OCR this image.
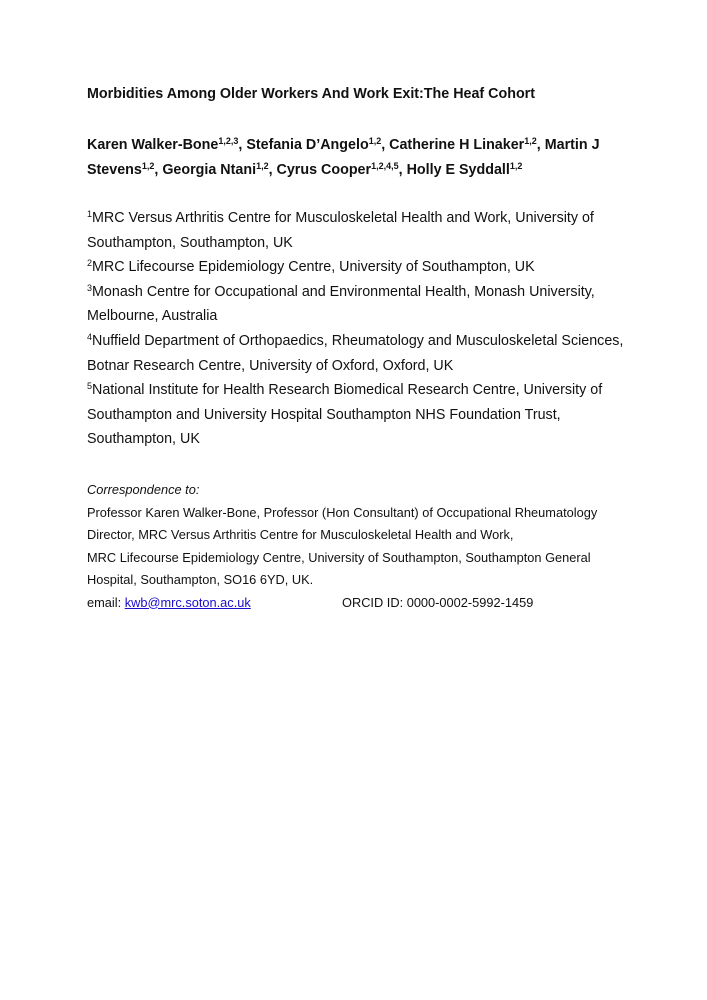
Morbidities Among Older Workers And Work Exit:The Heaf Cohort
Karen Walker-Bone$^{1,2,3}$, Stefania D’Angelo$^{1,2}$, Catherine H Linaker$^{1,2}$, Martin J Stevens$^{1,2}$, Georgia Ntani$^{1,2}$, Cyrus Cooper$^{1,2,4,5}$, Holly E Syddall$^{1,2}$
$^1$MRC Versus Arthritis Centre for Musculoskeletal Health and Work, University of Southampton, Southampton, UK
$^2$MRC Lifecourse Epidemiology Centre, University of Southampton, UK
$^3$Monash Centre for Occupational and Environmental Health, Monash University, Melbourne, Australia
$^4$Nuffield Department of Orthopaedics, Rheumatology and Musculoskeletal Sciences, Botnar Research Centre, University of Oxford, Oxford, UK
$^5$National Institute for Health Research Biomedical Research Centre, University of Southampton and University Hospital Southampton NHS Foundation Trust, Southampton, UK
Correspondence to:
Professor Karen Walker-Bone, Professor (Hon Consultant) of Occupational Rheumatology
Director, MRC Versus Arthritis Centre for Musculoskeletal Health and Work,
MRC Lifecourse Epidemiology Centre, University of Southampton, Southampton General
Hospital, Southampton, SO16 6YD, UK.
email: kwb@mrc.soton.ac.uk	ORCID ID: 0000-0002-5992-1459
